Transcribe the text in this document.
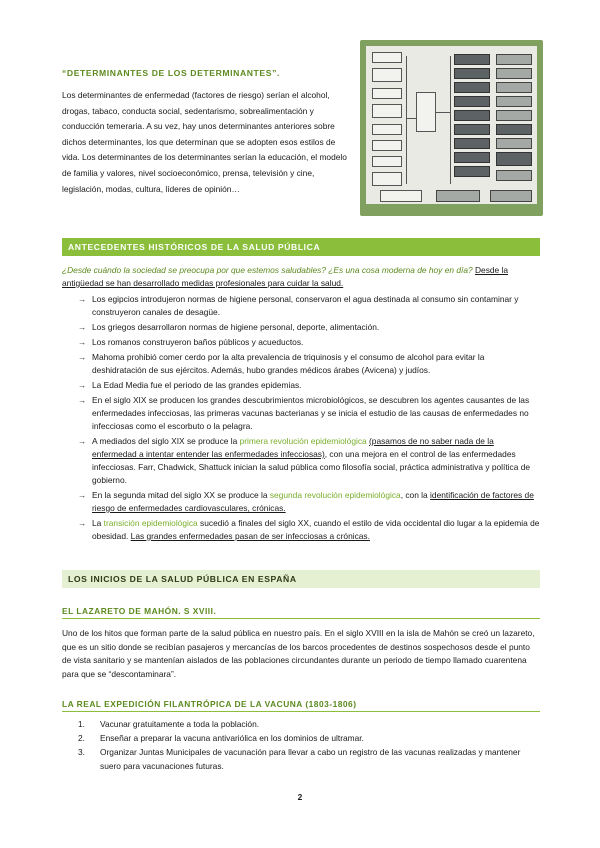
“DETERMINANTES DE LOS DETERMINANTES”.

Los determinantes de enfermedad (factores de riesgo) serían el alcohol, drogas, tabaco, conducta social, sedentarismo, sobrealimentación y conducción temeraria. A su vez, hay unos determinantes anteriores sobre dichos determinantes, los que determinan que se adopten esos estilos de vida. Los determinantes de los determinantes serían la educación, el modelo de familia y valores, nivel socioeconómico, prensa, televisión y cine, legislación, modas, cultura, líderes de opinión…

ANTECEDENTES HISTÓRICOS DE LA SALUD PÚBLICA

¿Desde cuándo la sociedad se preocupa por que estemos saludables? ¿Es una cosa moderna de hoy en día? Desde la antigüedad se han desarrollado medidas profesionales para cuidar la salud.

→ Los egipcios introdujeron normas de higiene personal, conservaron el agua destinada al consumo sin contaminar y construyeron canales de desagüe.
→ Los griegos desarrollaron normas de higiene personal, deporte, alimentación.
→ Los romanos construyeron baños públicos y acueductos.
→ Mahoma prohibió comer cerdo por la alta prevalencia de triquinosis y el consumo de alcohol para evitar la deshidratación de sus ejércitos. Además, hubo grandes médicos árabes (Avicena) y judíos.
→ La Edad Media fue el periodo de las grandes epidemias.
→ En el siglo XIX se producen los grandes descubrimientos microbiológicos, se descubren los agentes causantes de las enfermedades infecciosas, las primeras vacunas bacterianas y se inicia el estudio de las causas de enfermedades no infecciosas como el escorbuto o la pelagra.
→ A mediados del siglo XIX se produce la primera revolución epidemiológica (pasamos de no saber nada de la enfermedad a intentar entender las enfermedades infecciosas), con una mejora en el control de las enfermedades infecciosas. Farr, Chadwick, Shattuck inician la salud pública como filosofía social, práctica administrativa y política de gobierno.
→ En la segunda mitad del siglo XX se produce la segunda revolución epidemiológica, con la identificación de factores de riesgo de enfermedades cardiovasculares, crónicas.
→ La transición epidemiológica sucedió a finales del siglo XX, cuando el estilo de vida occidental dio lugar a la epidemia de obesidad. Las grandes enfermedades pasan de ser infecciosas a crónicas.
LOS INICIOS DE LA SALUD PÚBLICA EN ESPAÑA
EL LAZARETO DE MAHÓN. S XVIII.

Uno de los hitos que forman parte de la salud pública en nuestro país. En el siglo XVIII en la isla de Mahón se creó un lazareto, que es un sitio donde se recibían pasajeros y mercancías de los barcos procedentes de destinos sospechosos desde el punto de vista sanitario y se mantenían aislados de las poblaciones circundantes durante un periodo de tiempo llamado cuarentena para que se “descontaminara”.

LA REAL EXPEDICIÓN FILANTRÓPICA DE LA VACUNA (1803-1806)
1. Vacunar gratuitamente a toda la población.
2. Enseñar a preparar la vacuna antivariólica en los dominios de ultramar.
3. Organizar Juntas Municipales de vacunación para llevar a cabo un registro de las vacunas realizadas y mantener suero para vacunaciones futuras.
2
